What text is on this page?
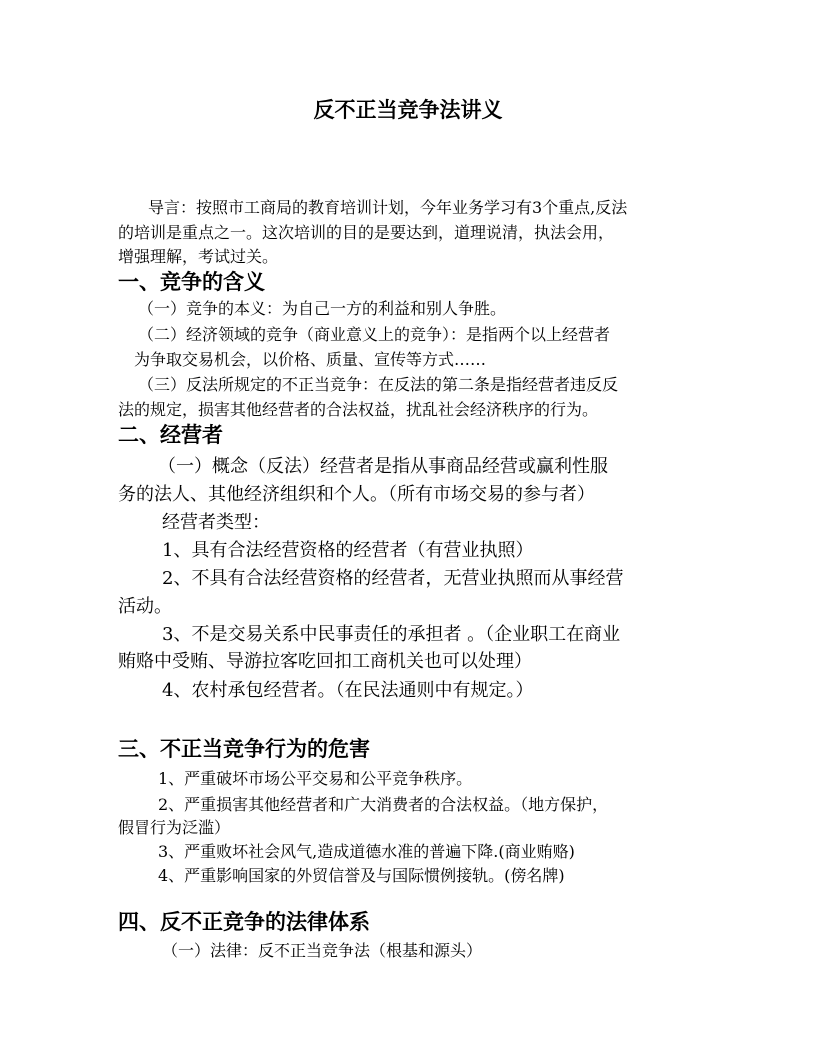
反不正当竞争法讲义
导言：按照市工商局的教育培训计划，今年业务学习有3个重点,反法
的培训是重点之一。这次培训的目的是要达到，道理说清，执法会用，
增强理解，考试过关。
一、竞争的含义
（一）竞争的本义：为自己一方的利益和别人争胜。
（二）经济领域的竞争（商业意义上的竞争）：是指两个以上经营者
为争取交易机会，以价格、质量、宣传等方式……
（三）反法所规定的不正当竞争：在反法的第二条是指经营者违反反
法的规定，损害其他经营者的合法权益，扰乱社会经济秩序的行为。
二、经营者
（一）概念（反法）经营者是指从事商品经营或赢利性服
务的法人、其他经济组织和个人。（所有市场交易的参与者）
经营者类型：
1、具有合法经营资格的经营者（有营业执照）
2、不具有合法经营资格的经营者，无营业执照而从事经营
活动。
3、不是交易关系中民事责任的承担者 。（企业职工在商业
贿赂中受贿、导游拉客吃回扣工商机关也可以处理）
4、农村承包经营者。（在民法通则中有规定。）
三、不正当竞争行为的危害
1、严重破坏市场公平交易和公平竞争秩序。
2、严重损害其他经营者和广大消费者的合法权益。（地方保护，
假冒行为泛滥）
3、严重败坏社会风气,造成道德水准的普遍下降.(商业贿赂)
4、严重影响国家的外贸信誉及与国际惯例接轨。(傍名牌)
四、反不正竞争的法律体系
（一）法律：反不正当竞争法（根基和源头）
